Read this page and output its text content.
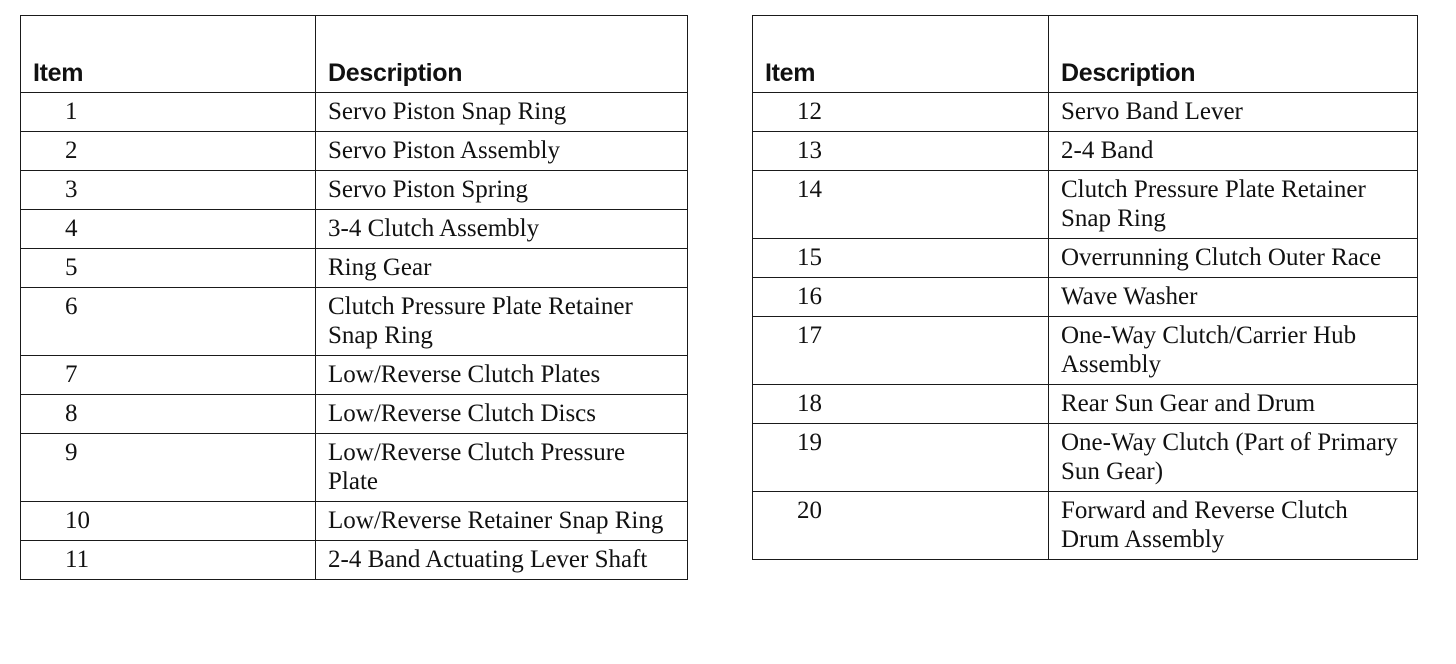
Item	Description
1	Servo Piston Snap Ring
2	Servo Piston Assembly
3	Servo Piston Spring
4	3-4 Clutch Assembly
5	Ring Gear
6	Clutch Pressure Plate Retainer Snap Ring
7	Low/Reverse Clutch Plates
8	Low/Reverse Clutch Discs
9	Low/Reverse Clutch Pressure Plate
10	Low/Reverse Retainer Snap Ring
11	2-4 Band Actuating Lever Shaft
Item	Description
12	Servo Band Lever
13	2-4 Band
14	Clutch Pressure Plate Retainer Snap Ring
15	Overrunning Clutch Outer Race
16	Wave Washer
17	One-Way Clutch/Carrier Hub Assembly
18	Rear Sun Gear and Drum
19	One-Way Clutch (Part of Primary Sun Gear)
20	Forward and Reverse Clutch Drum Assembly
